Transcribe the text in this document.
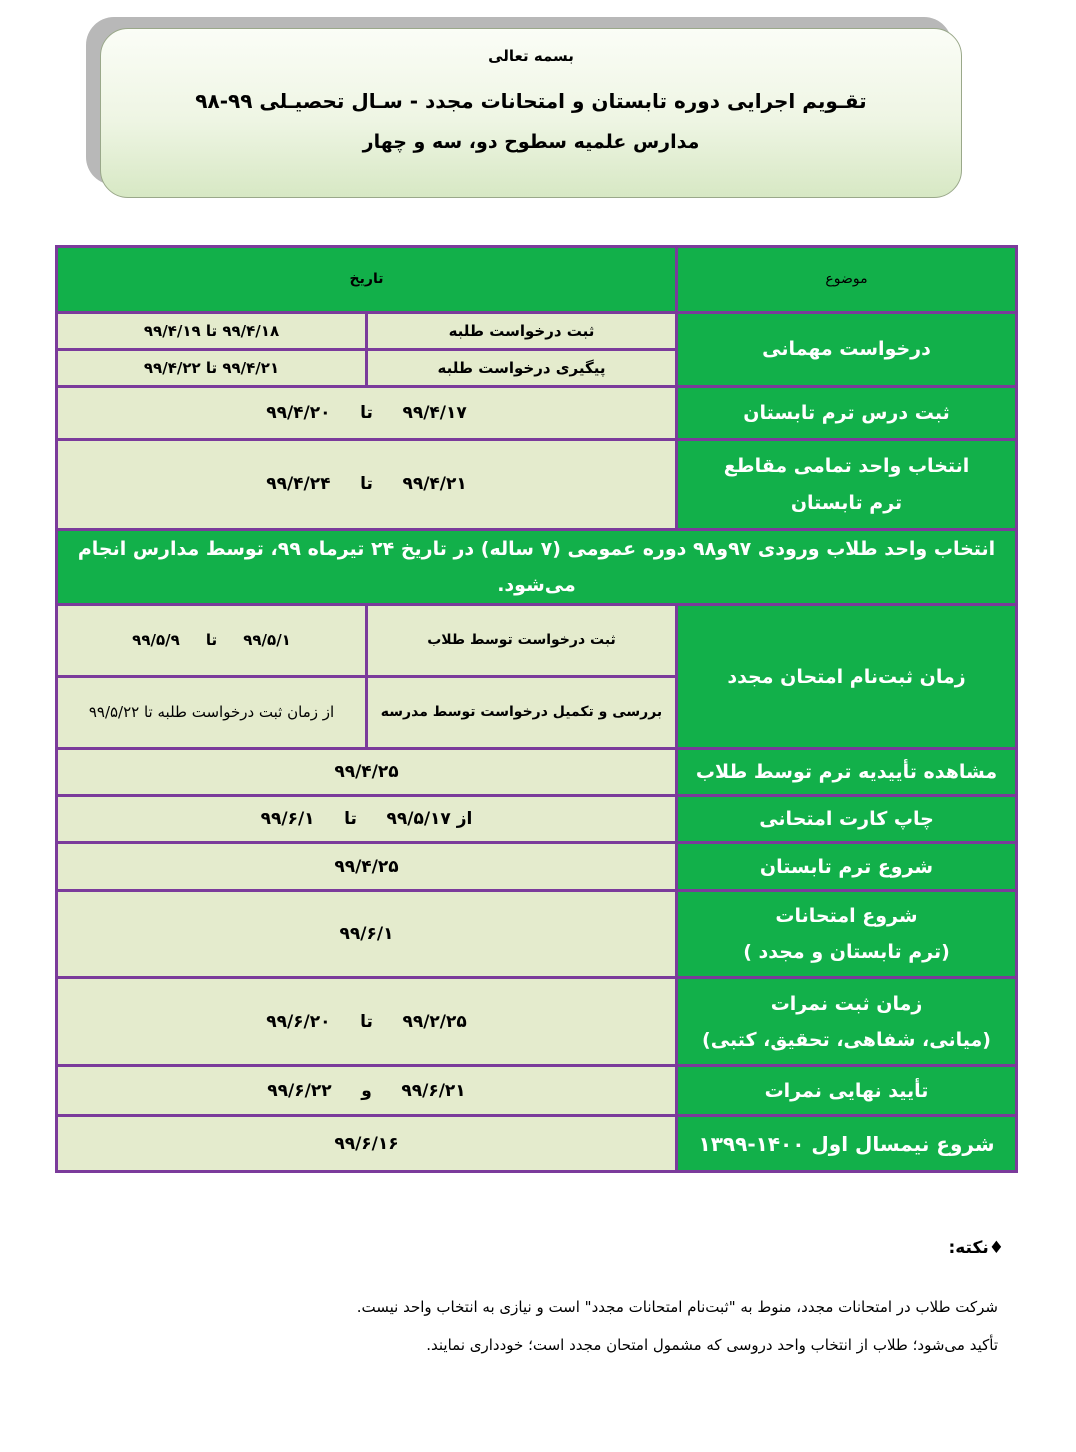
بسمه تعالی
تقـویم اجرایی دوره تابستان و امتحانات مجدد - سـال تحصیـلی ۹۹-۹۸
مدارس علمیه سطوح دو، سه و چهار
موضوع	تاریخ	
درخواست مهمانی	ثبت درخواست طلبه	۹۹/۴/۱۸ تا ۹۹/۴/۱۹
	پیگیری درخواست طلبه	۹۹/۴/۲۱ تا ۹۹/۴/۲۲
ثبت درس ترم تابستان	۹۹/۴/۱۷     تا     ۹۹/۴/۲۰	

انتخاب واحد تمامی مقاطع
ترم تابستان	۹۹/۴/۲۱     تا     ۹۹/۴/۲۴	
انتخاب واحد طلاب ورودی ۹۷و۹۸ دوره عمومی (۷ ساله) در تاریخ ۲۴ تیرماه ۹۹، توسط مدارس انجام می‌شود.		
زمان ثبت‌نام امتحان مجدد	ثبت درخواست توسط طلاب	۹۹/۵/۱     تا     ۹۹/۵/۹
	بررسی و تکمیل درخواست توسط مدرسه	از زمان ثبت درخواست طلبه تا ۹۹/۵/۲۲
مشاهده تأییدیه ترم توسط طلاب	۹۹/۴/۲۵	
چاپ کارت امتحانی	از ۹۹/۵/۱۷     تا     ۹۹/۶/۱	
شروع ترم تابستان	۹۹/۴/۲۵	

شروع امتحانات
(ترم تابستان و مجدد )	۹۹/۶/۱	

زمان ثبت نمرات
(میانی، شفاهی، تحقیق، کتبی)	۹۹/۲/۲۵     تا     ۹۹/۶/۲۰	
تأیید نهایی نمرات	۹۹/۶/۲۱     و     ۹۹/۶/۲۲	
شروع نیمسال اول ۱۴۰۰-۱۳۹۹	۹۹/۶/۱۶	
♦نکته:
شرکت طلاب در امتحانات مجدد، منوط به "ثبت‌نام امتحانات مجدد" است و نیازی به انتخاب واحد نیست.
تأکید می‌شود؛ طلاب از انتخاب واحد دروسی که مشمول امتحان مجدد است؛ خودداری نمایند.
